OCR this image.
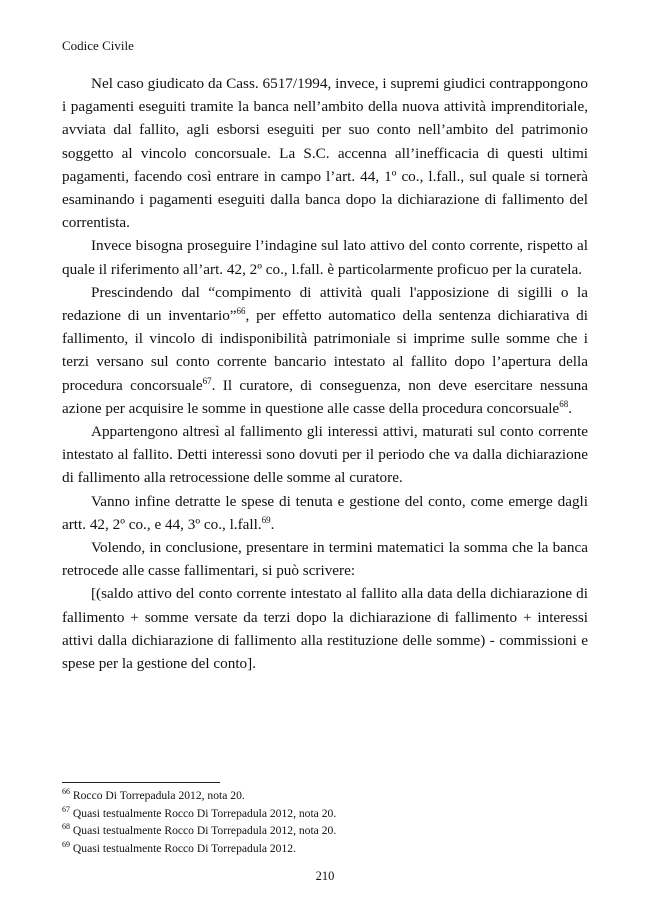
Codice Civile

Nel caso giudicato da Cass. 6517/1994, invece, i supremi giudici contrappongono i pagamenti eseguiti tramite la banca nell’ambito della nuova attività imprenditoriale, avviata dal fallito, agli esborsi eseguiti per suo conto nell’ambito del patrimonio soggetto al vincolo concorsuale. La S.C. accenna all’inefficacia di questi ultimi pagamenti, facendo così entrare in campo l’art. 44, 1º co., l.fall., sul quale si tornerà esaminando i pagamenti eseguiti dalla banca dopo la dichiarazione di fallimento del correntista.

Invece bisogna proseguire l’indagine sul lato attivo del conto corrente, rispetto al quale il riferimento all’art. 42, 2º co., l.fall. è particolarmente proficuo per la curatela.

Prescindendo dal “compimento di attività quali l'apposizione di sigilli o la redazione di un inventario”$^{66}$, per effetto automatico della sentenza dichiarativa di fallimento, il vincolo di indisponibilità patrimoniale si imprime sulle somme che i terzi versano sul conto corrente bancario intestato al fallito dopo l’apertura della procedura concorsuale$^{67}$. Il curatore, di conseguenza, non deve esercitare nessuna azione per acquisire le somme in questione alle casse della procedura concorsuale$^{68}$.

Appartengono altresì al fallimento gli interessi attivi, maturati sul conto corrente intestato al fallito. Detti interessi sono dovuti per il periodo che va dalla dichiarazione di fallimento alla retrocessione delle somme al curatore.

Vanno infine detratte le spese di tenuta e gestione del conto, come emerge dagli artt. 42, 2º co., e 44, 3º co., l.fall.$^{69}$.

Volendo, in conclusione, presentare in termini matematici la somma che la banca retrocede alle casse fallimentari, si può scrivere:

[(saldo attivo del conto corrente intestato al fallito alla data della dichiarazione di fallimento + somme versate da terzi dopo la dichiarazione di fallimento + interessi attivi dalla dichiarazione di fallimento alla restituzione delle somme) - commissioni e spese per la gestione del conto].

$^{66}$ Rocco Di Torrepadula 2012, nota 20.
$^{67}$ Quasi testualmente Rocco Di Torrepadula 2012, nota 20.
$^{68}$ Quasi testualmente Rocco Di Torrepadula 2012, nota 20.
$^{69}$ Quasi testualmente Rocco Di Torrepadula 2012.
210
